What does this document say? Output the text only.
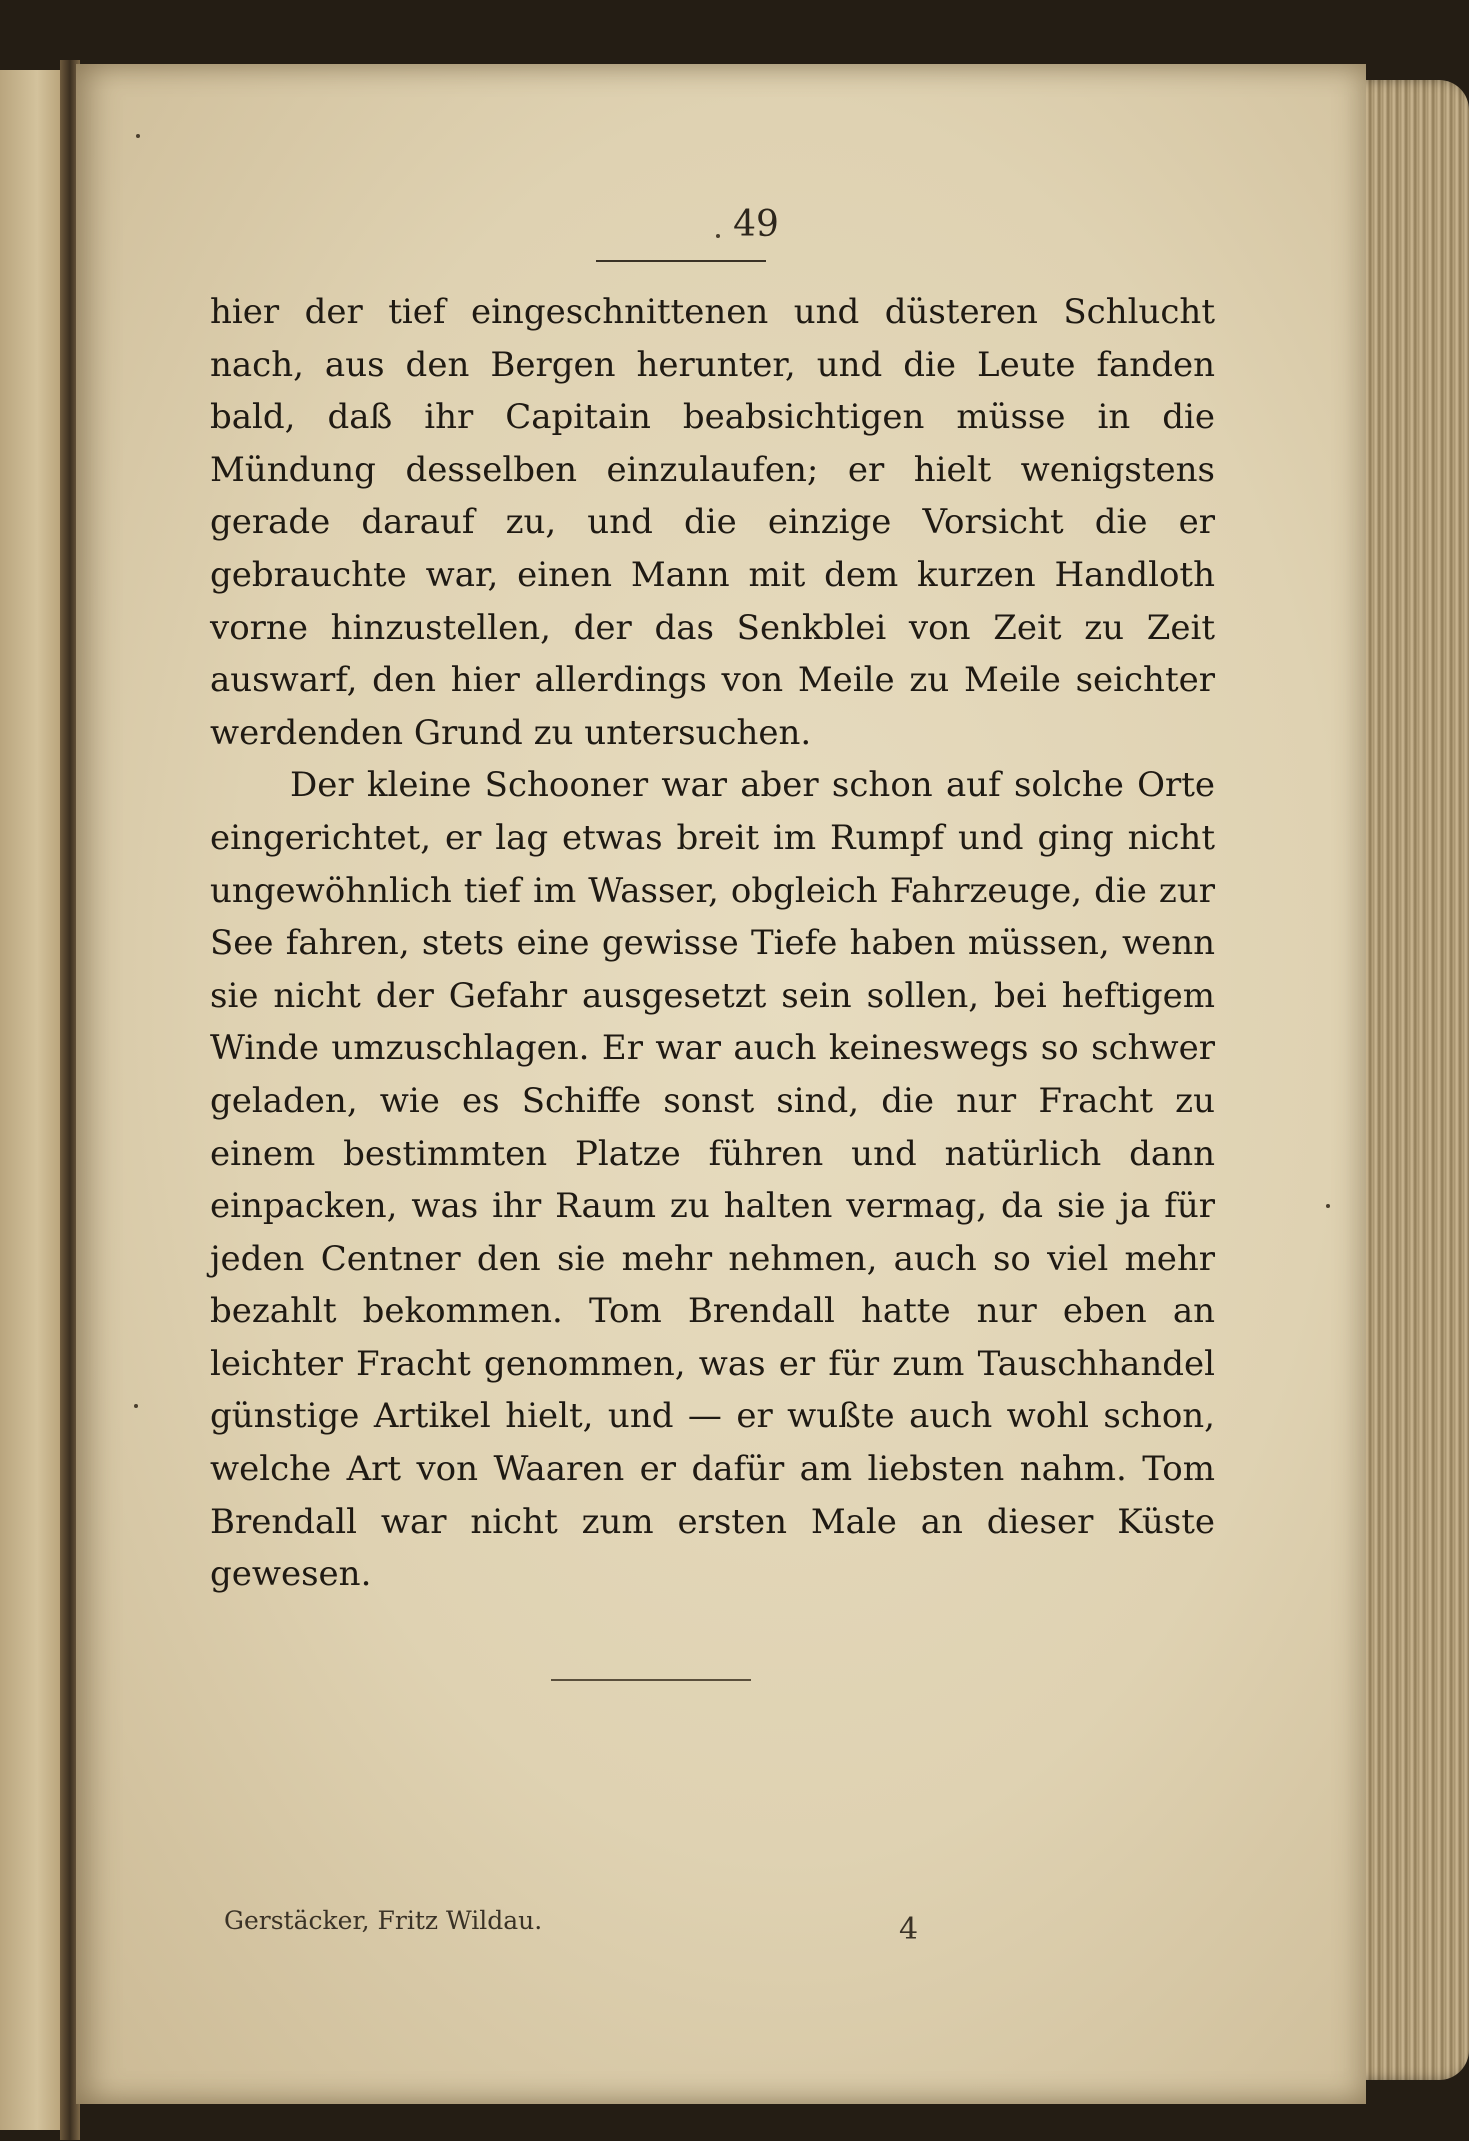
49

hier der tief eingeschnittenen und düsteren Schlucht nach, aus den Bergen herunter, und die Leute fanden bald, daß ihr Capitain beabsichtigen müsse in die Mündung desselben einzulaufen; er hielt wenigstens gerade darauf zu, und die einzige Vorsicht die er gebrauchte war, einen Mann mit dem kurzen Handloth vorne hinzustellen, der das Senkblei von Zeit zu Zeit auswarf, den hier allerdings von Meile zu Meile seichter werdenden Grund zu untersuchen.

Der kleine Schooner war aber schon auf solche Orte eingerichtet, er lag etwas breit im Rumpf und ging nicht ungewöhnlich tief im Wasser, obgleich Fahrzeuge, die zur See fahren, stets eine gewisse Tiefe haben müssen, wenn sie nicht der Gefahr ausgesetzt sein sollen, bei heftigem Winde umzuschlagen. Er war auch keineswegs so schwer geladen, wie es Schiffe sonst sind, die nur Fracht zu einem bestimmten Platze führen und natürlich dann einpacken, was ihr Raum zu halten vermag, da sie ja für jeden Centner den sie mehr nehmen, auch so viel mehr bezahlt bekommen. Tom Brendall hatte nur eben an leichter Fracht genommen, was er für zum Tauschhandel günstige Artikel hielt, und — er wußte auch wohl schon, welche Art von Waaren er dafür am liebsten nahm. Tom Brendall war nicht zum ersten Male an dieser Küste gewesen.

Gerstäcker, Fritz Wildau.	4
